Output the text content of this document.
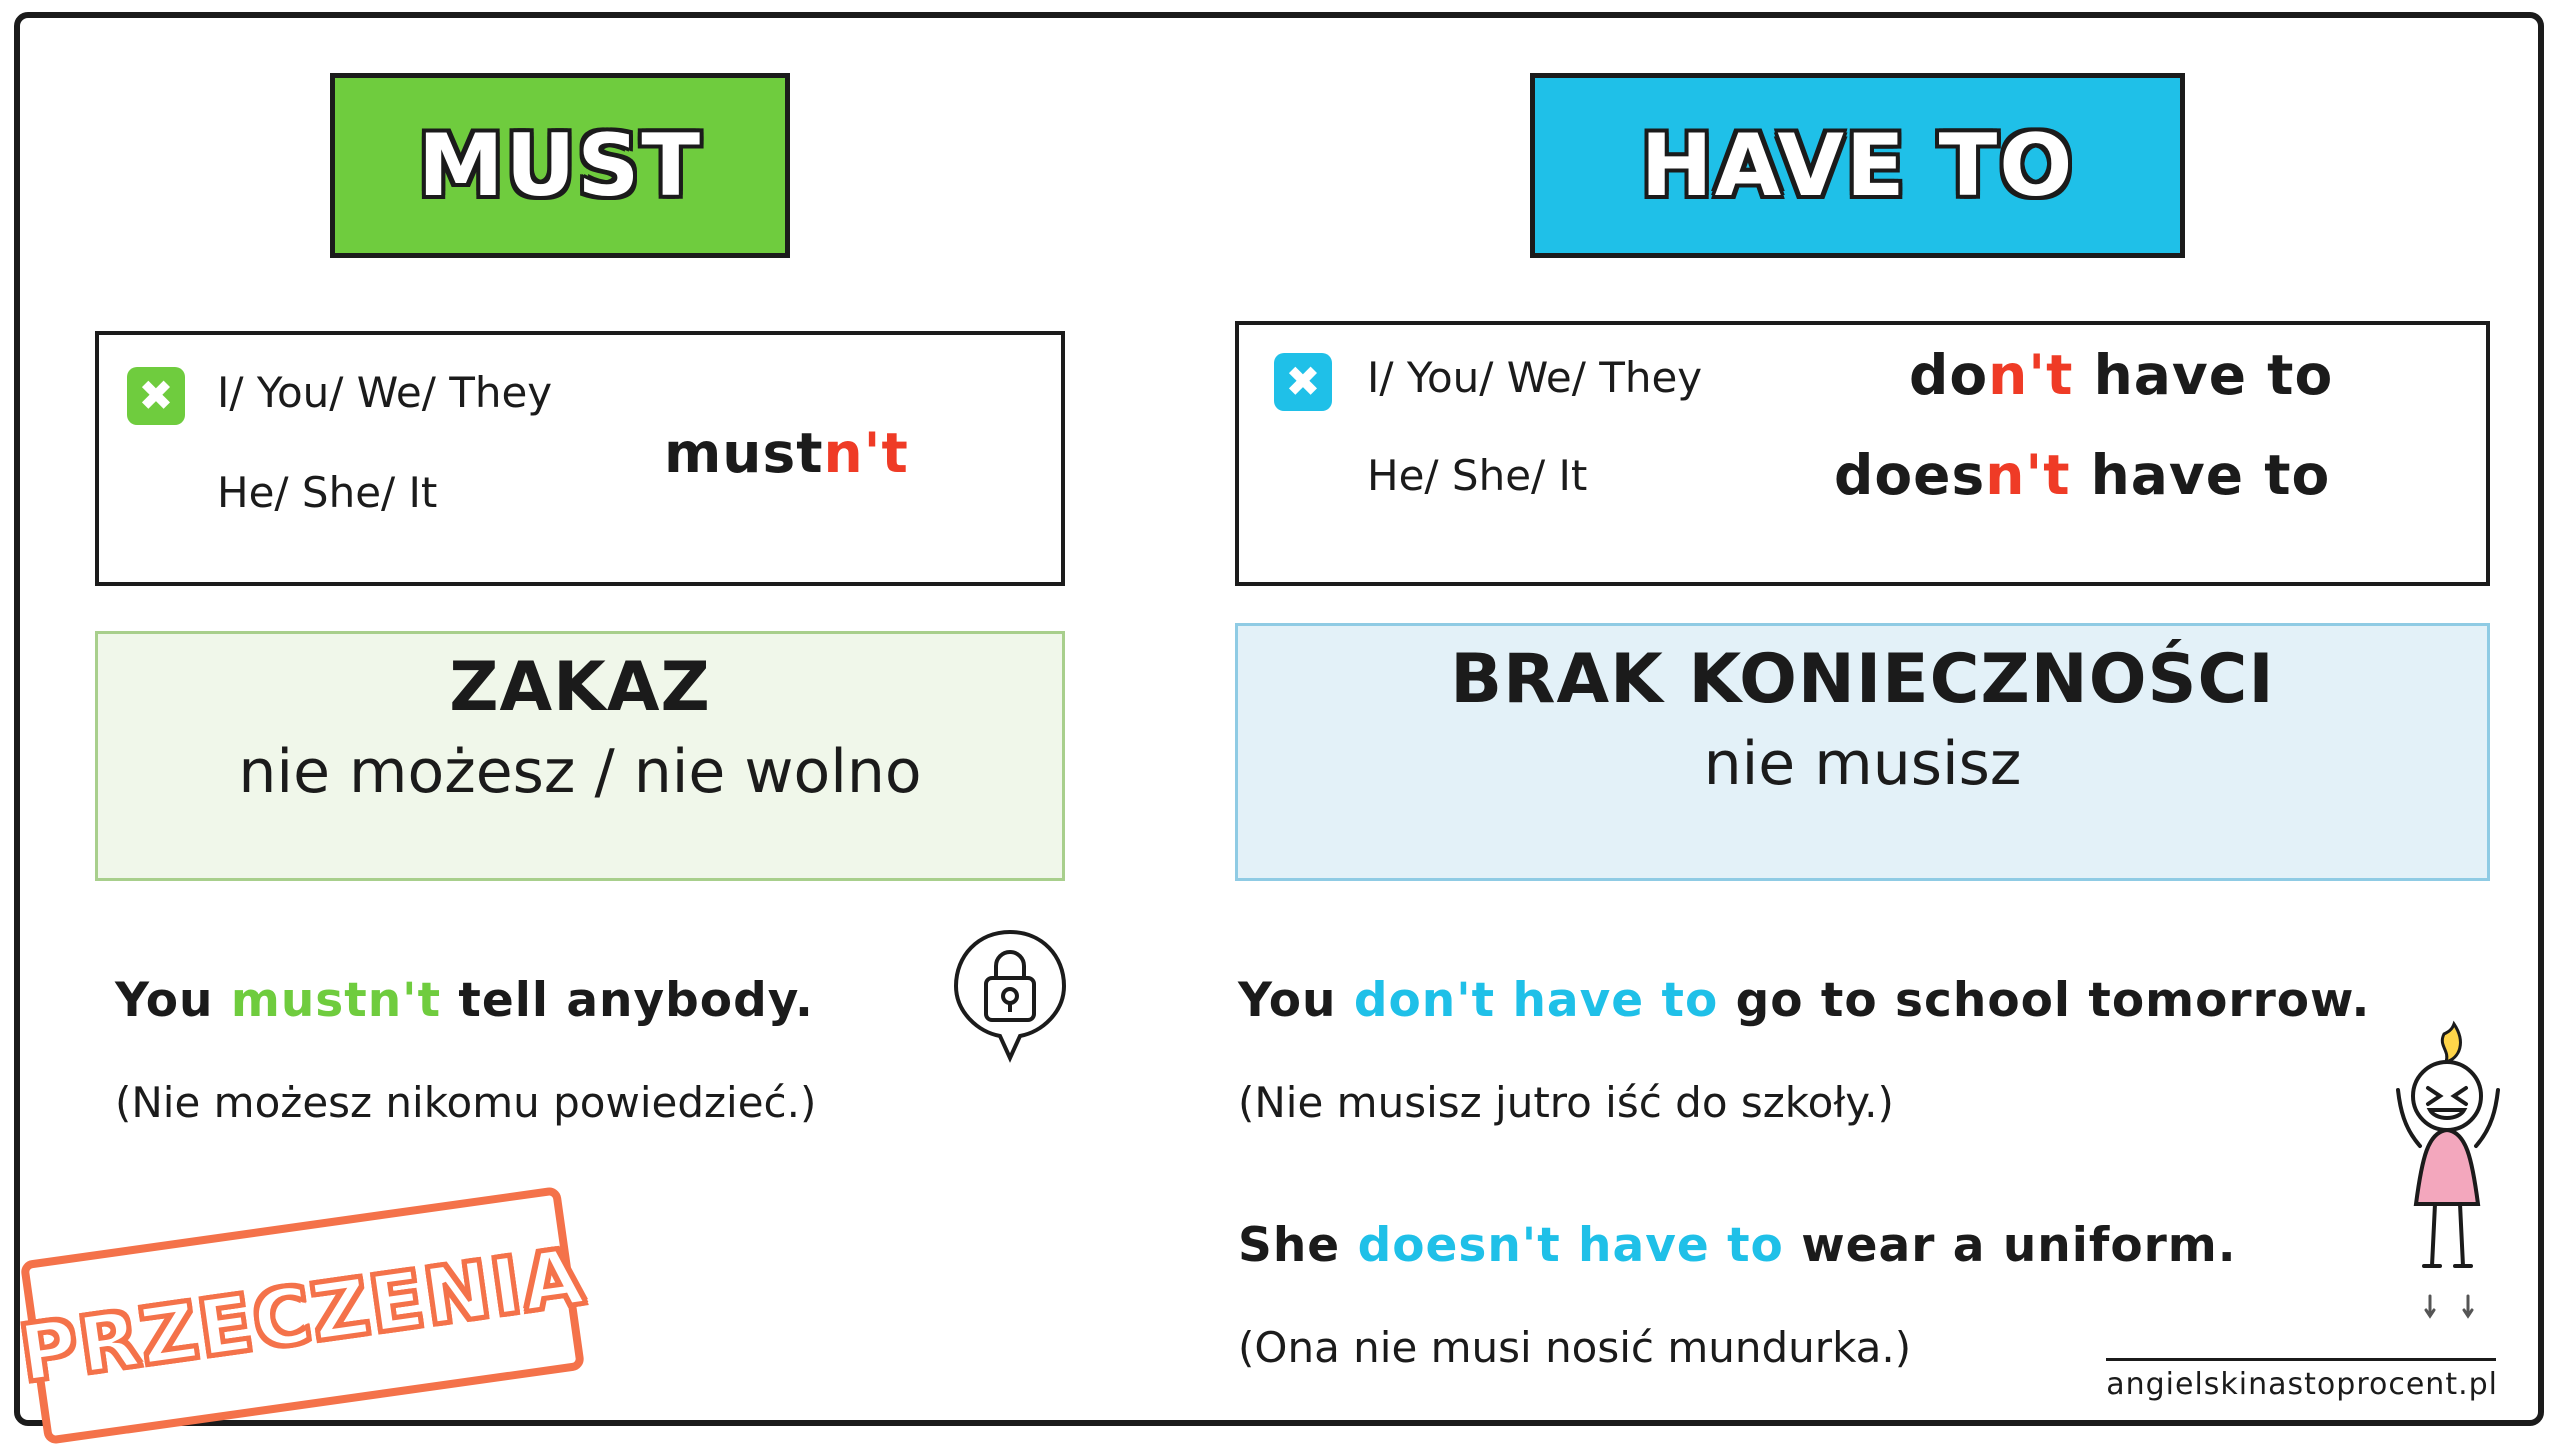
MUST	HAVE TO
✖ I/ You/ We/ They
He/ She/ It
mustn't
✖ I/ You/ We/ They
He/ She/ It
don't have to
doesn't have to
ZAKAZ
nie możesz / nie wolno
BRAK KONIECZNOŚCI
nie musisz
You mustn't tell anybody.
(Nie możesz nikomu powiedzieć.)
You don't have to go to school tomorrow.
(Nie musisz jutro iść do szkoły.)
She doesn't have to wear a uniform.
(Ona nie musi nosić mundurka.)
PRZECZENIA	angielskinastoprocent.pl
